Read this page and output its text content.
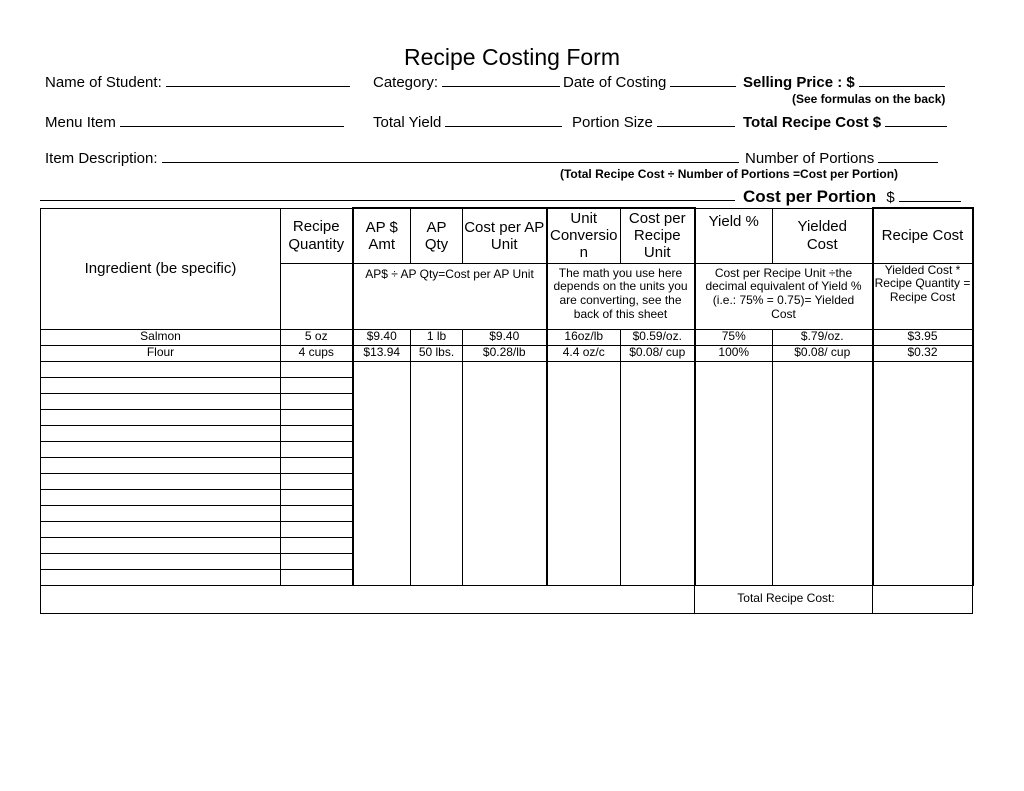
Recipe Costing Form
Name of Student:	Category:	Date of Costing	Selling Price : $
(See formulas on the back)
Menu Item	Total Yield	Portion Size	Total Recipe Cost $
Item Description:	Number of Portions
(Total Recipe Cost ÷ Number of Portions =Cost per Portion)
Cost per Portion $
Ingredient (be specific)	Recipe Quantity	AP $ Amt	AP Qty	Cost per AP Unit	Unit Conversion	Cost per Recipe Unit	Yield %	Yielded Cost	Recipe Cost
		AP$ ÷ AP Qty=Cost per AP Unit			The math you use here depends on the units you are converting, see the back of this sheet		Cost per Recipe Unit ÷the decimal equivalent of Yield % (i.e.: 75% = 0.75)= Yielded Cost		Yielded Cost * Recipe Quantity = Recipe Cost
Salmon	5 oz	$9.40	1 lb	$9.40	16oz/lb	$0.59/oz.	75%	$.79/oz.	$3.95
Flour	4 cups	$13.94	50 lbs.	$0.28/lb	4.4 oz/c	$0.08/ cup	100%	$0.08/ cup	$0.32

							Total Recipe Cost:		
